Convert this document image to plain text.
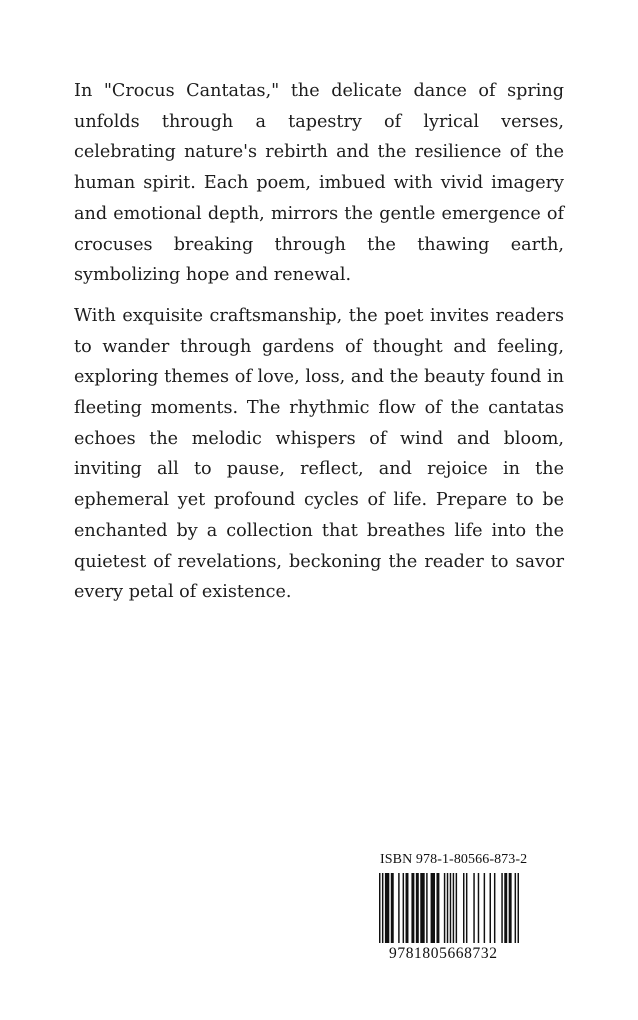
In "Crocus Cantatas," the delicate dance of spring unfolds through a tapestry of lyrical verses, celebrating nature's rebirth and the resilience of the human spirit. Each poem, imbued with vivid imagery and emotional depth, mirrors the gentle emergence of crocuses breaking through the thawing earth, symbolizing hope and renewal.

With exquisite craftsmanship, the poet invites readers to wander through gardens of thought and feeling, exploring themes of love, loss, and the beauty found in fleeting moments. The rhythmic flow of the cantatas echoes the melodic whispers of wind and bloom, inviting all to pause, reflect, and rejoice in the ephemeral yet profound cycles of life. Prepare to be enchanted by a collection that breathes life into the quietest of revelations, beckoning the reader to savor every petal of existence.

ISBN 978-1-80566-873-2
9781805668732
